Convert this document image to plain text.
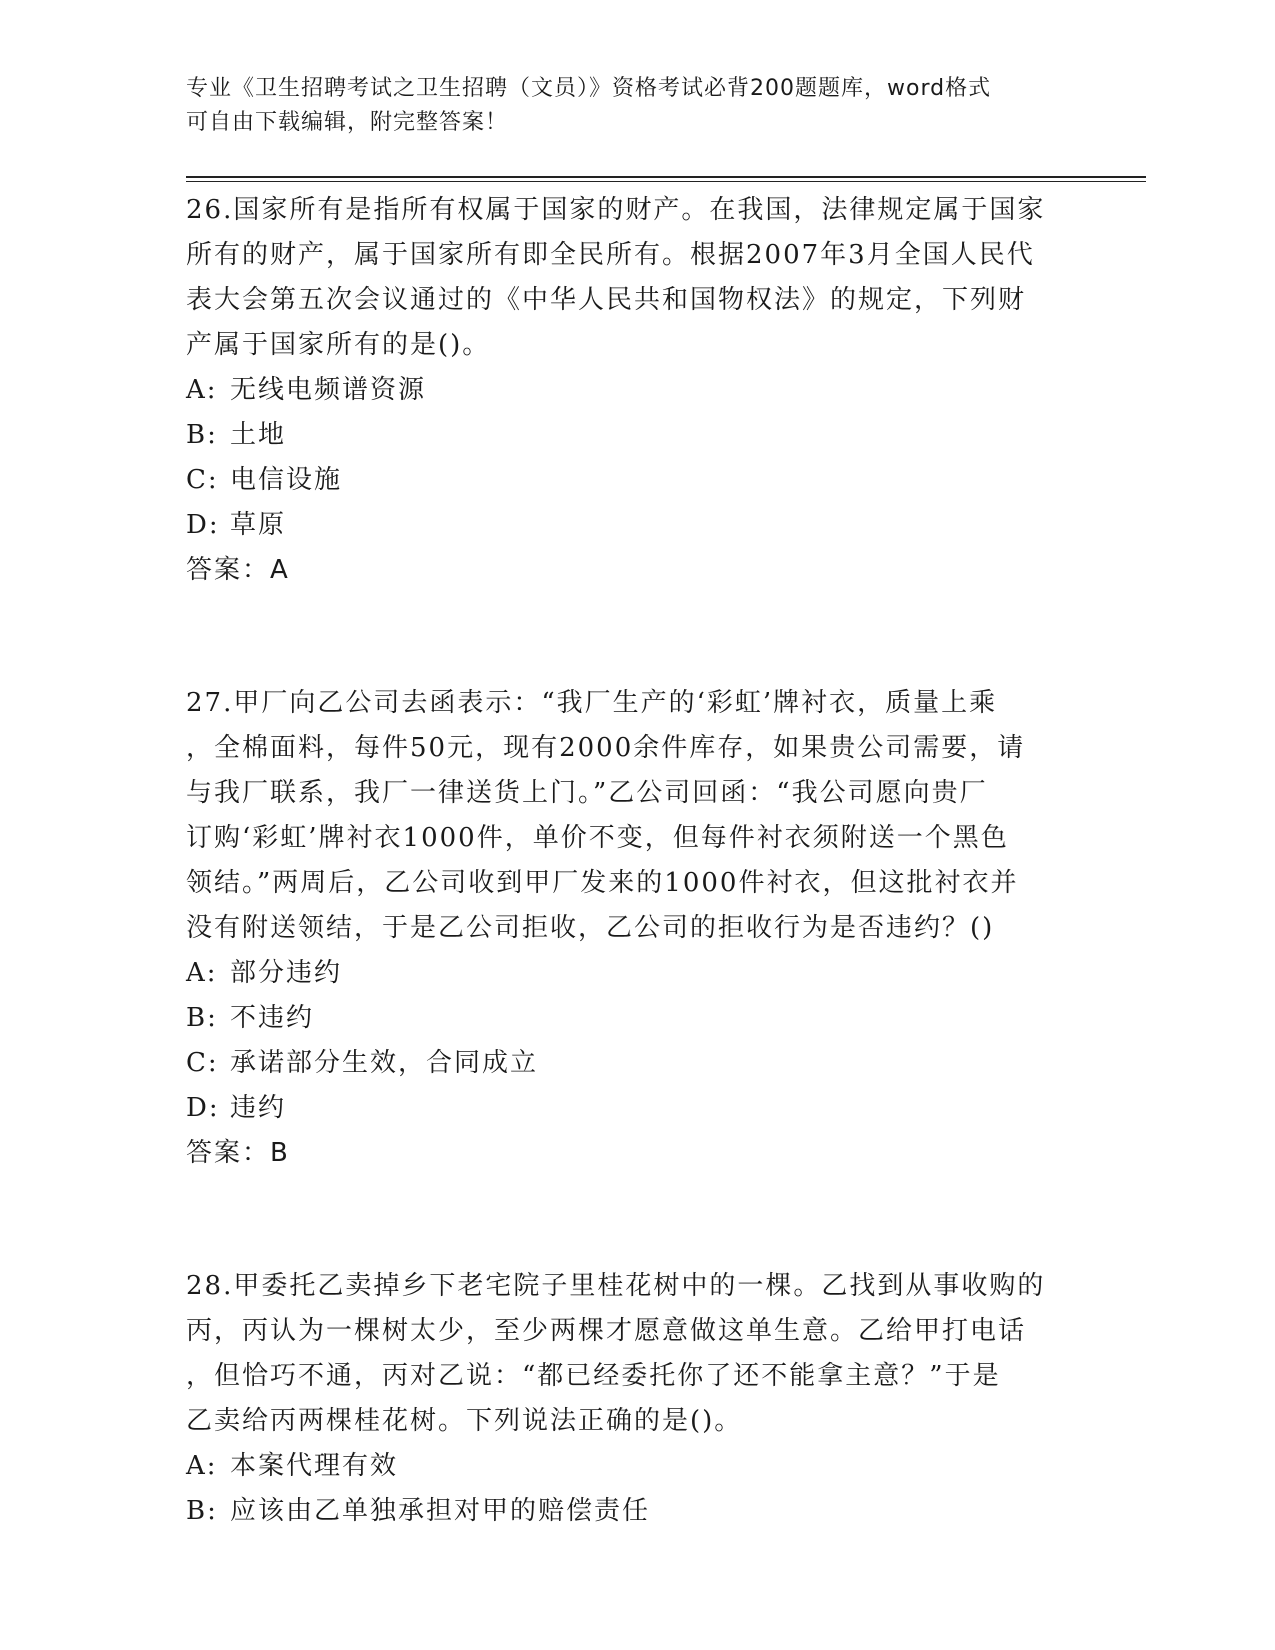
专业《卫生招聘考试之卫生招聘（文员）》资格考试必背200题题库，word格式
可自由下载编辑，附完整答案！
26.国家所有是指所有权属于国家的财产。在我国，法律规定属于国家
所有的财产，属于国家所有即全民所有。根据2007年3月全国人民代
表大会第五次会议通过的《中华人民共和国物权法》的规定，下列财
产属于国家所有的是()。
A: 无线电频谱资源
B: 土地
C: 电信设施
D: 草原
答案：A
27.甲厂向乙公司去函表示：“我厂生产的‘彩虹’牌衬衣，质量上乘
，全棉面料，每件50元，现有2000余件库存，如果贵公司需要，请
与我厂联系，我厂一律送货上门。”乙公司回函：“我公司愿向贵厂
订购‘彩虹’牌衬衣1000件，单价不变，但每件衬衣须附送一个黑色
领结。”两周后，乙公司收到甲厂发来的1000件衬衣，但这批衬衣并
没有附送领结，于是乙公司拒收，乙公司的拒收行为是否违约？()
A: 部分违约
B: 不违约
C: 承诺部分生效，合同成立
D: 违约
答案：B
28.甲委托乙卖掉乡下老宅院子里桂花树中的一棵。乙找到从事收购的
丙，丙认为一棵树太少，至少两棵才愿意做这单生意。乙给甲打电话
，但恰巧不通，丙对乙说：“都已经委托你了还不能拿主意？”于是
乙卖给丙两棵桂花树。下列说法正确的是()。
A: 本案代理有效
B: 应该由乙单独承担对甲的赔偿责任
